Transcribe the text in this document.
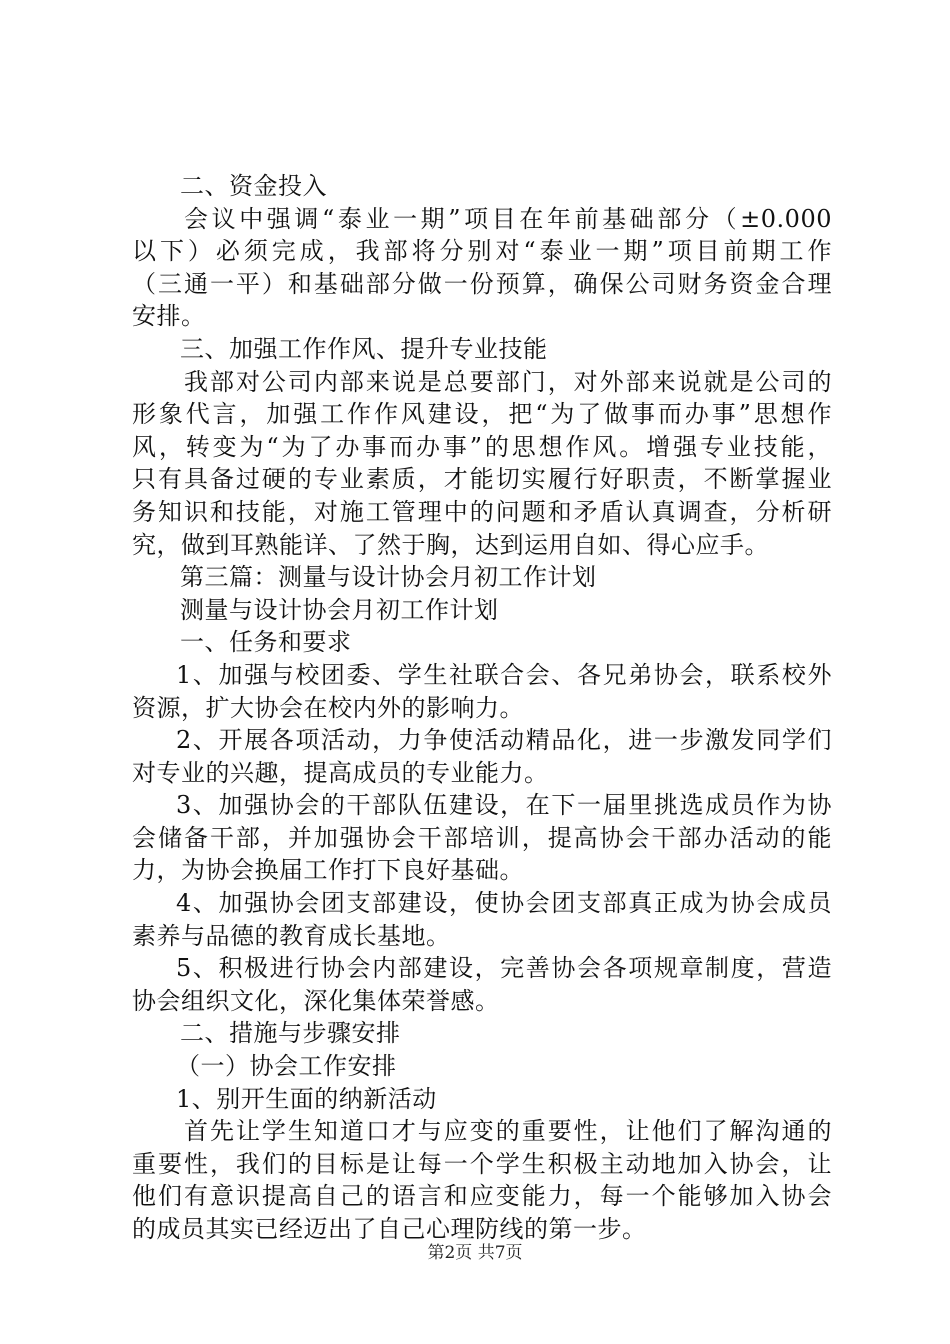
二、资金投入
会议中强调“泰业一期”项目在年前基础部分（±0.000
以下）必须完成，我部将分别对“泰业一期”项目前期工作
（三通一平）和基础部分做一份预算，确保公司财务资金合理
安排。
三、加强工作作风、提升专业技能
我部对公司内部来说是总要部门，对外部来说就是公司的
形象代言，加强工作作风建设，把“为了做事而办事”思想作
风，转变为“为了办事而办事”的思想作风。增强专业技能，
只有具备过硬的专业素质，才能切实履行好职责，不断掌握业
务知识和技能，对施工管理中的问题和矛盾认真调查，分析研
究，做到耳熟能详、了然于胸，达到运用自如、得心应手。
第三篇：测量与设计协会月初工作计划
测量与设计协会月初工作计划
一、任务和要求
1、加强与校团委、学生社联合会、各兄弟协会，联系校外
资源，扩大协会在校内外的影响力。
2、开展各项活动，力争使活动精品化，进一步激发同学们
对专业的兴趣，提高成员的专业能力。
3、加强协会的干部队伍建设，在下一届里挑选成员作为协
会储备干部，并加强协会干部培训，提高协会干部办活动的能
力，为协会换届工作打下良好基础。
4、加强协会团支部建设，使协会团支部真正成为协会成员
素养与品德的教育成长基地。
5、积极进行协会内部建设，完善协会各项规章制度，营造
协会组织文化，深化集体荣誉感。
二、措施与步骤安排
（一）协会工作安排
1、别开生面的纳新活动
首先让学生知道口才与应变的重要性，让他们了解沟通的
重要性，我们的目标是让每一个学生积极主动地加入协会，让
他们有意识提高自己的语言和应变能力，每一个能够加入协会
的成员其实已经迈出了自己心理防线的第一步。
第2页 共7页
